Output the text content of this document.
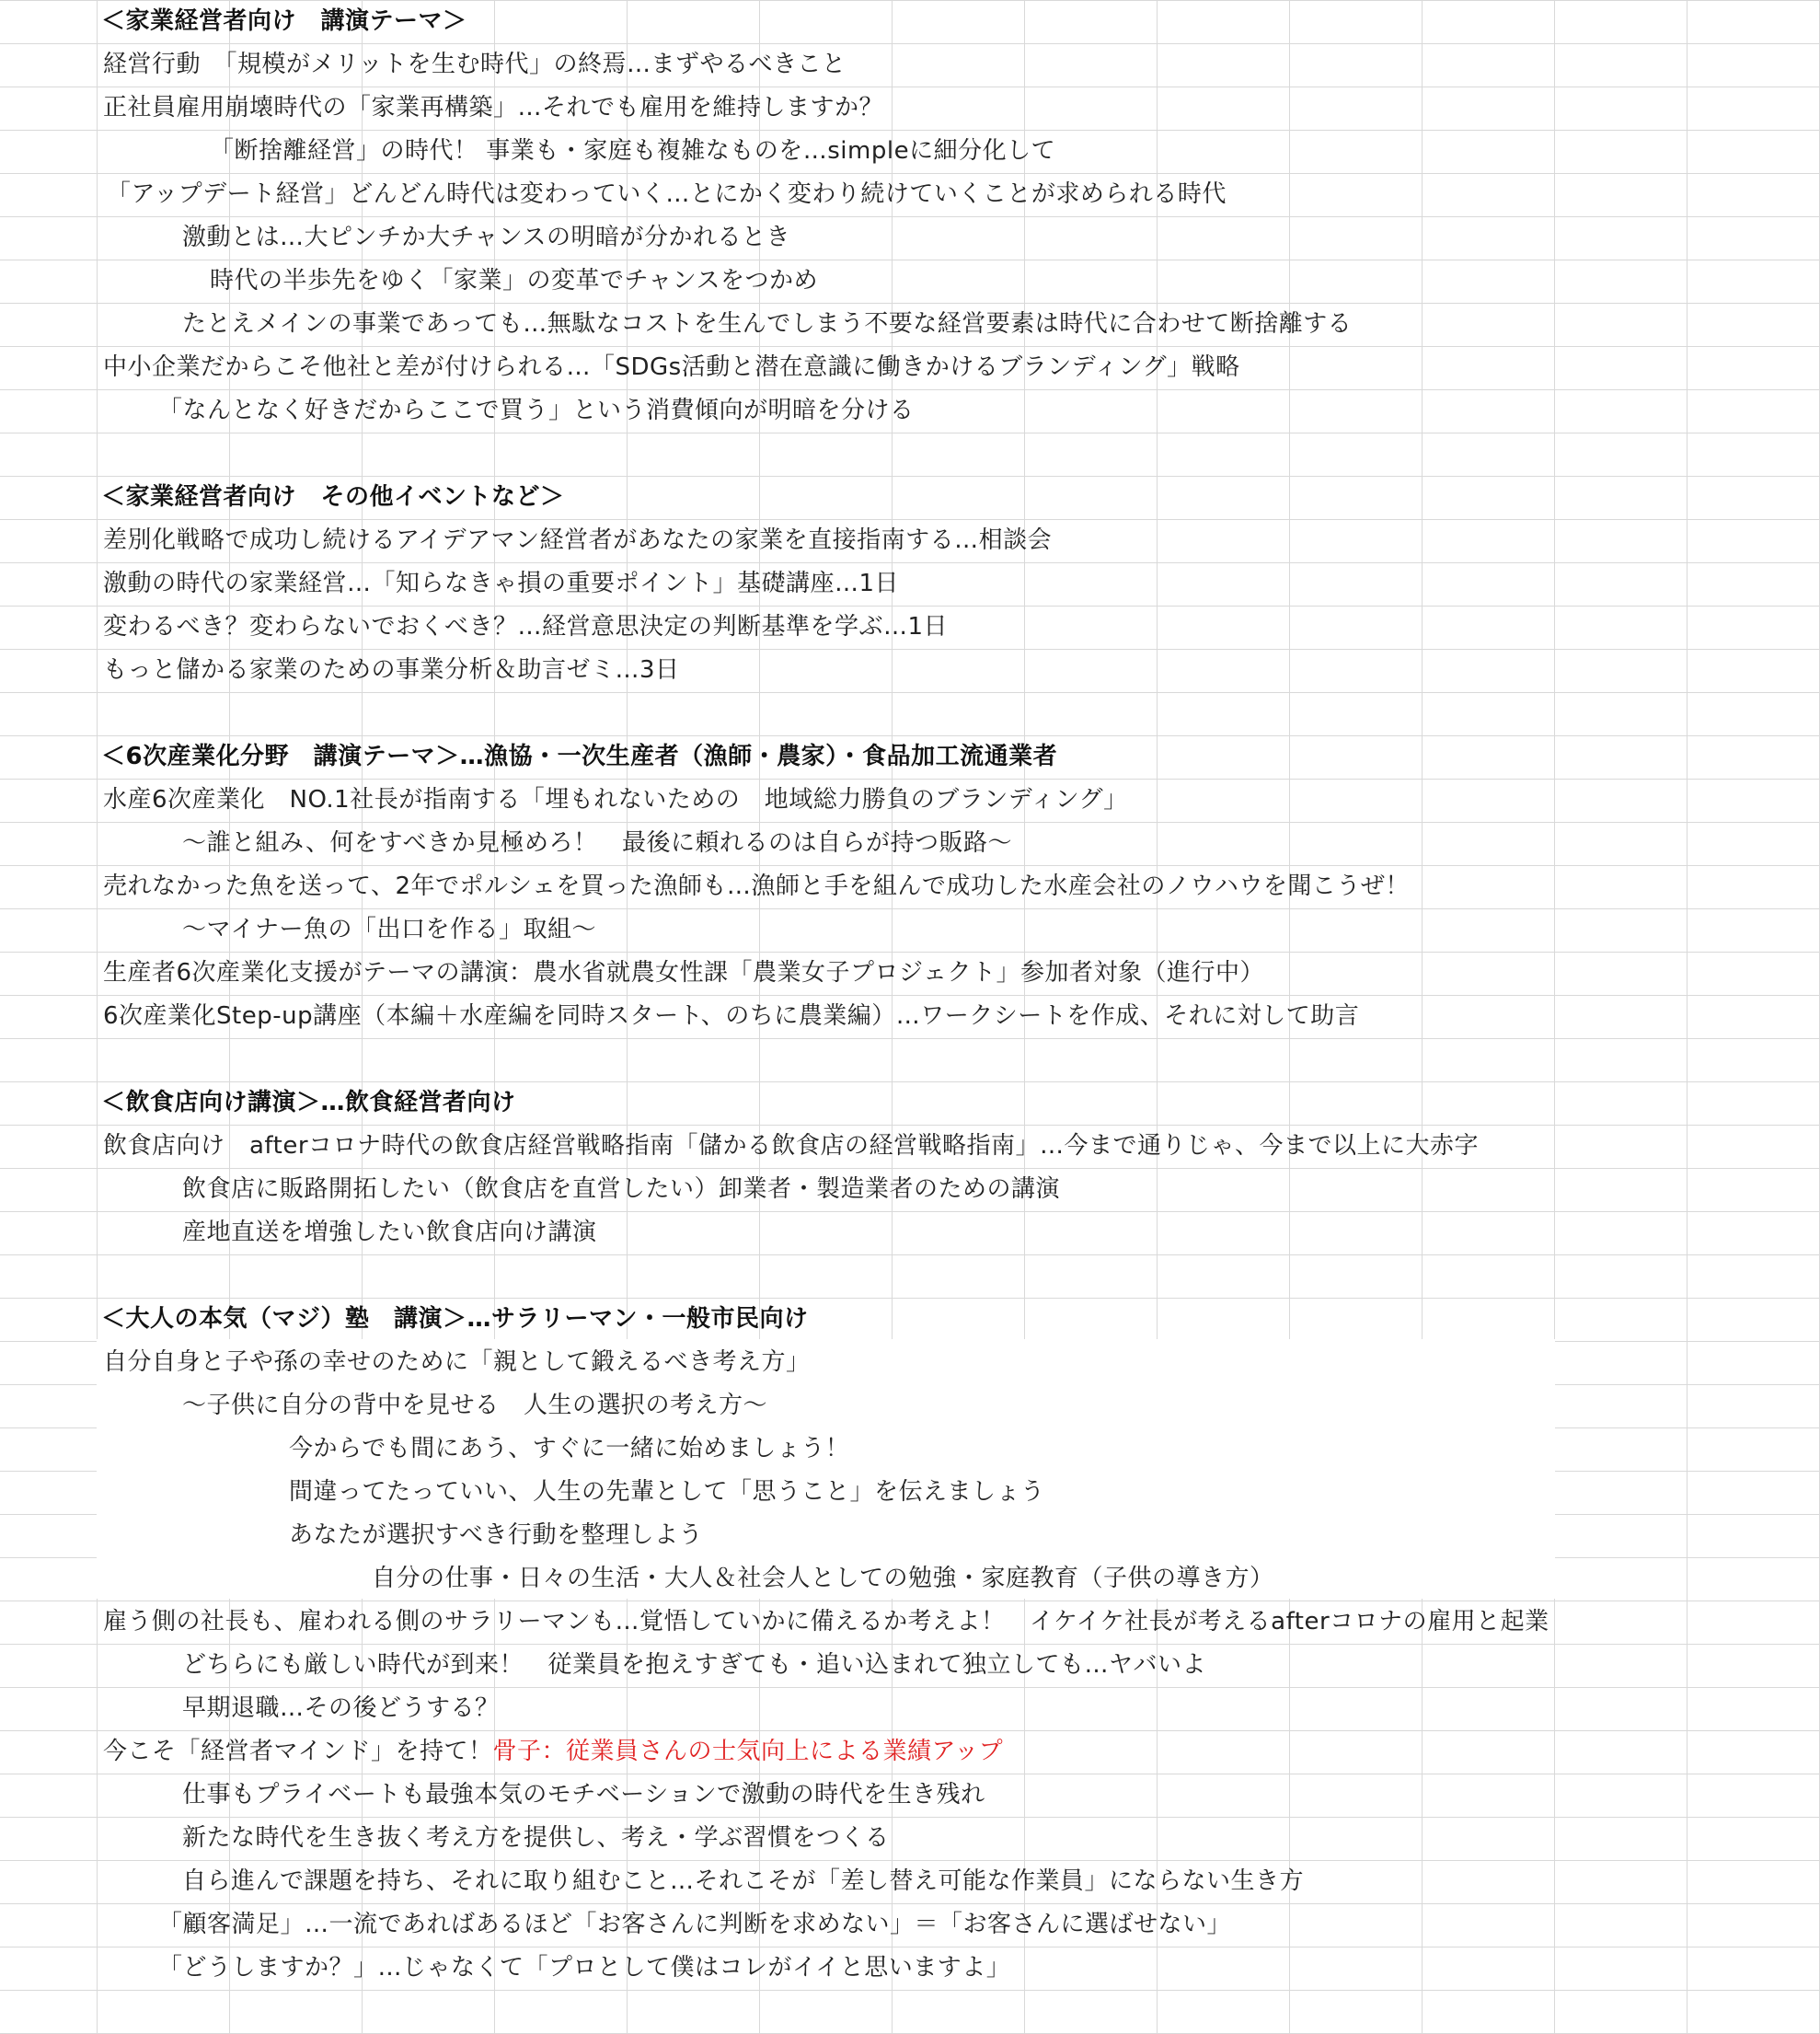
＜家業経営者向け　講演テーマ＞
経営行動　「規模がメリットを生む時代」の終焉…まずやるべきこと
正社員雇用崩壊時代の「家業再構築」…それでも雇用を維持しますか？
「断捨離経営」の時代！ 事業も・家庭も複雑なものを…simpleに細分化して
「アップデート経営」どんどん時代は変わっていく…とにかく変わり続けていくことが求められる時代
激動とは…大ピンチか大チャンスの明暗が分かれるとき
時代の半歩先をゆく「家業」の変革でチャンスをつかめ
たとえメインの事業であっても…無駄なコストを生んでしまう不要な経営要素は時代に合わせて断捨離する
中小企業だからこそ他社と差が付けられる…「SDGs活動と潜在意識に働きかけるブランディング」戦略
「なんとなく好きだからここで買う」という消費傾向が明暗を分ける
＜家業経営者向け　その他イベントなど＞
差別化戦略で成功し続けるアイデアマン経営者があなたの家業を直接指南する…相談会
激動の時代の家業経営…「知らなきゃ損の重要ポイント」基礎講座…1日
変わるべき？変わらないでおくべき？…経営意思決定の判断基準を学ぶ…1日
もっと儲かる家業のための事業分析＆助言ゼミ…3日
＜6次産業化分野　講演テーマ＞…漁協・一次生産者（漁師・農家）・食品加工流通業者
水産6次産業化　NO.1社長が指南する「埋もれないための　地域総力勝負のブランディング」
〜誰と組み、何をすべきか見極めろ！　最後に頼れるのは自らが持つ販路〜
売れなかった魚を送って、2年でポルシェを買った漁師も…漁師と手を組んで成功した水産会社のノウハウを聞こうぜ！
〜マイナー魚の「出口を作る」取組〜
生産者6次産業化支援がテーマの講演：農水省就農女性課「農業女子プロジェクト」参加者対象（進行中）
6次産業化Step-up講座（本編＋水産編を同時スタート、のちに農業編）…ワークシートを作成、それに対して助言
＜飲食店向け講演＞…飲食経営者向け
飲食店向け　afterコロナ時代の飲食店経営戦略指南「儲かる飲食店の経営戦略指南」…今まで通りじゃ、今まで以上に大赤字
飲食店に販路開拓したい（飲食店を直営したい）卸業者・製造業者のための講演
産地直送を増強したい飲食店向け講演
＜大人の本気（マジ）塾　講演＞…サラリーマン・一般市民向け
自分自身と子や孫の幸せのために「親として鍛えるべき考え方」
〜子供に自分の背中を見せる　人生の選択の考え方〜
今からでも間にあう、すぐに一緒に始めましょう！
間違ってたっていい、人生の先輩として「思うこと」を伝えましょう
あなたが選択すべき行動を整理しよう
自分の仕事・日々の生活・大人＆社会人としての勉強・家庭教育（子供の導き方）
雇う側の社長も、雇われる側のサラリーマンも…覚悟していかに備えるか考えよ！　イケイケ社長が考えるafterコロナの雇用と起業
どちらにも厳しい時代が到来！　従業員を抱えすぎても・追い込まれて独立しても…ヤバいよ
早期退職…その後どうする？
今こそ「経営者マインド」を持て！骨子：従業員さんの士気向上による業績アップ
仕事もプライベートも最強本気のモチベーションで激動の時代を生き残れ
新たな時代を生き抜く考え方を提供し、考え・学ぶ習慣をつくる
自ら進んで課題を持ち、それに取り組むこと…それこそが「差し替え可能な作業員」にならない生き方
「顧客満足」…一流であればあるほど「お客さんに判断を求めない」＝「お客さんに選ばせない」
「どうしますか？」…じゃなくて「プロとして僕はコレがイイと思いますよ」
